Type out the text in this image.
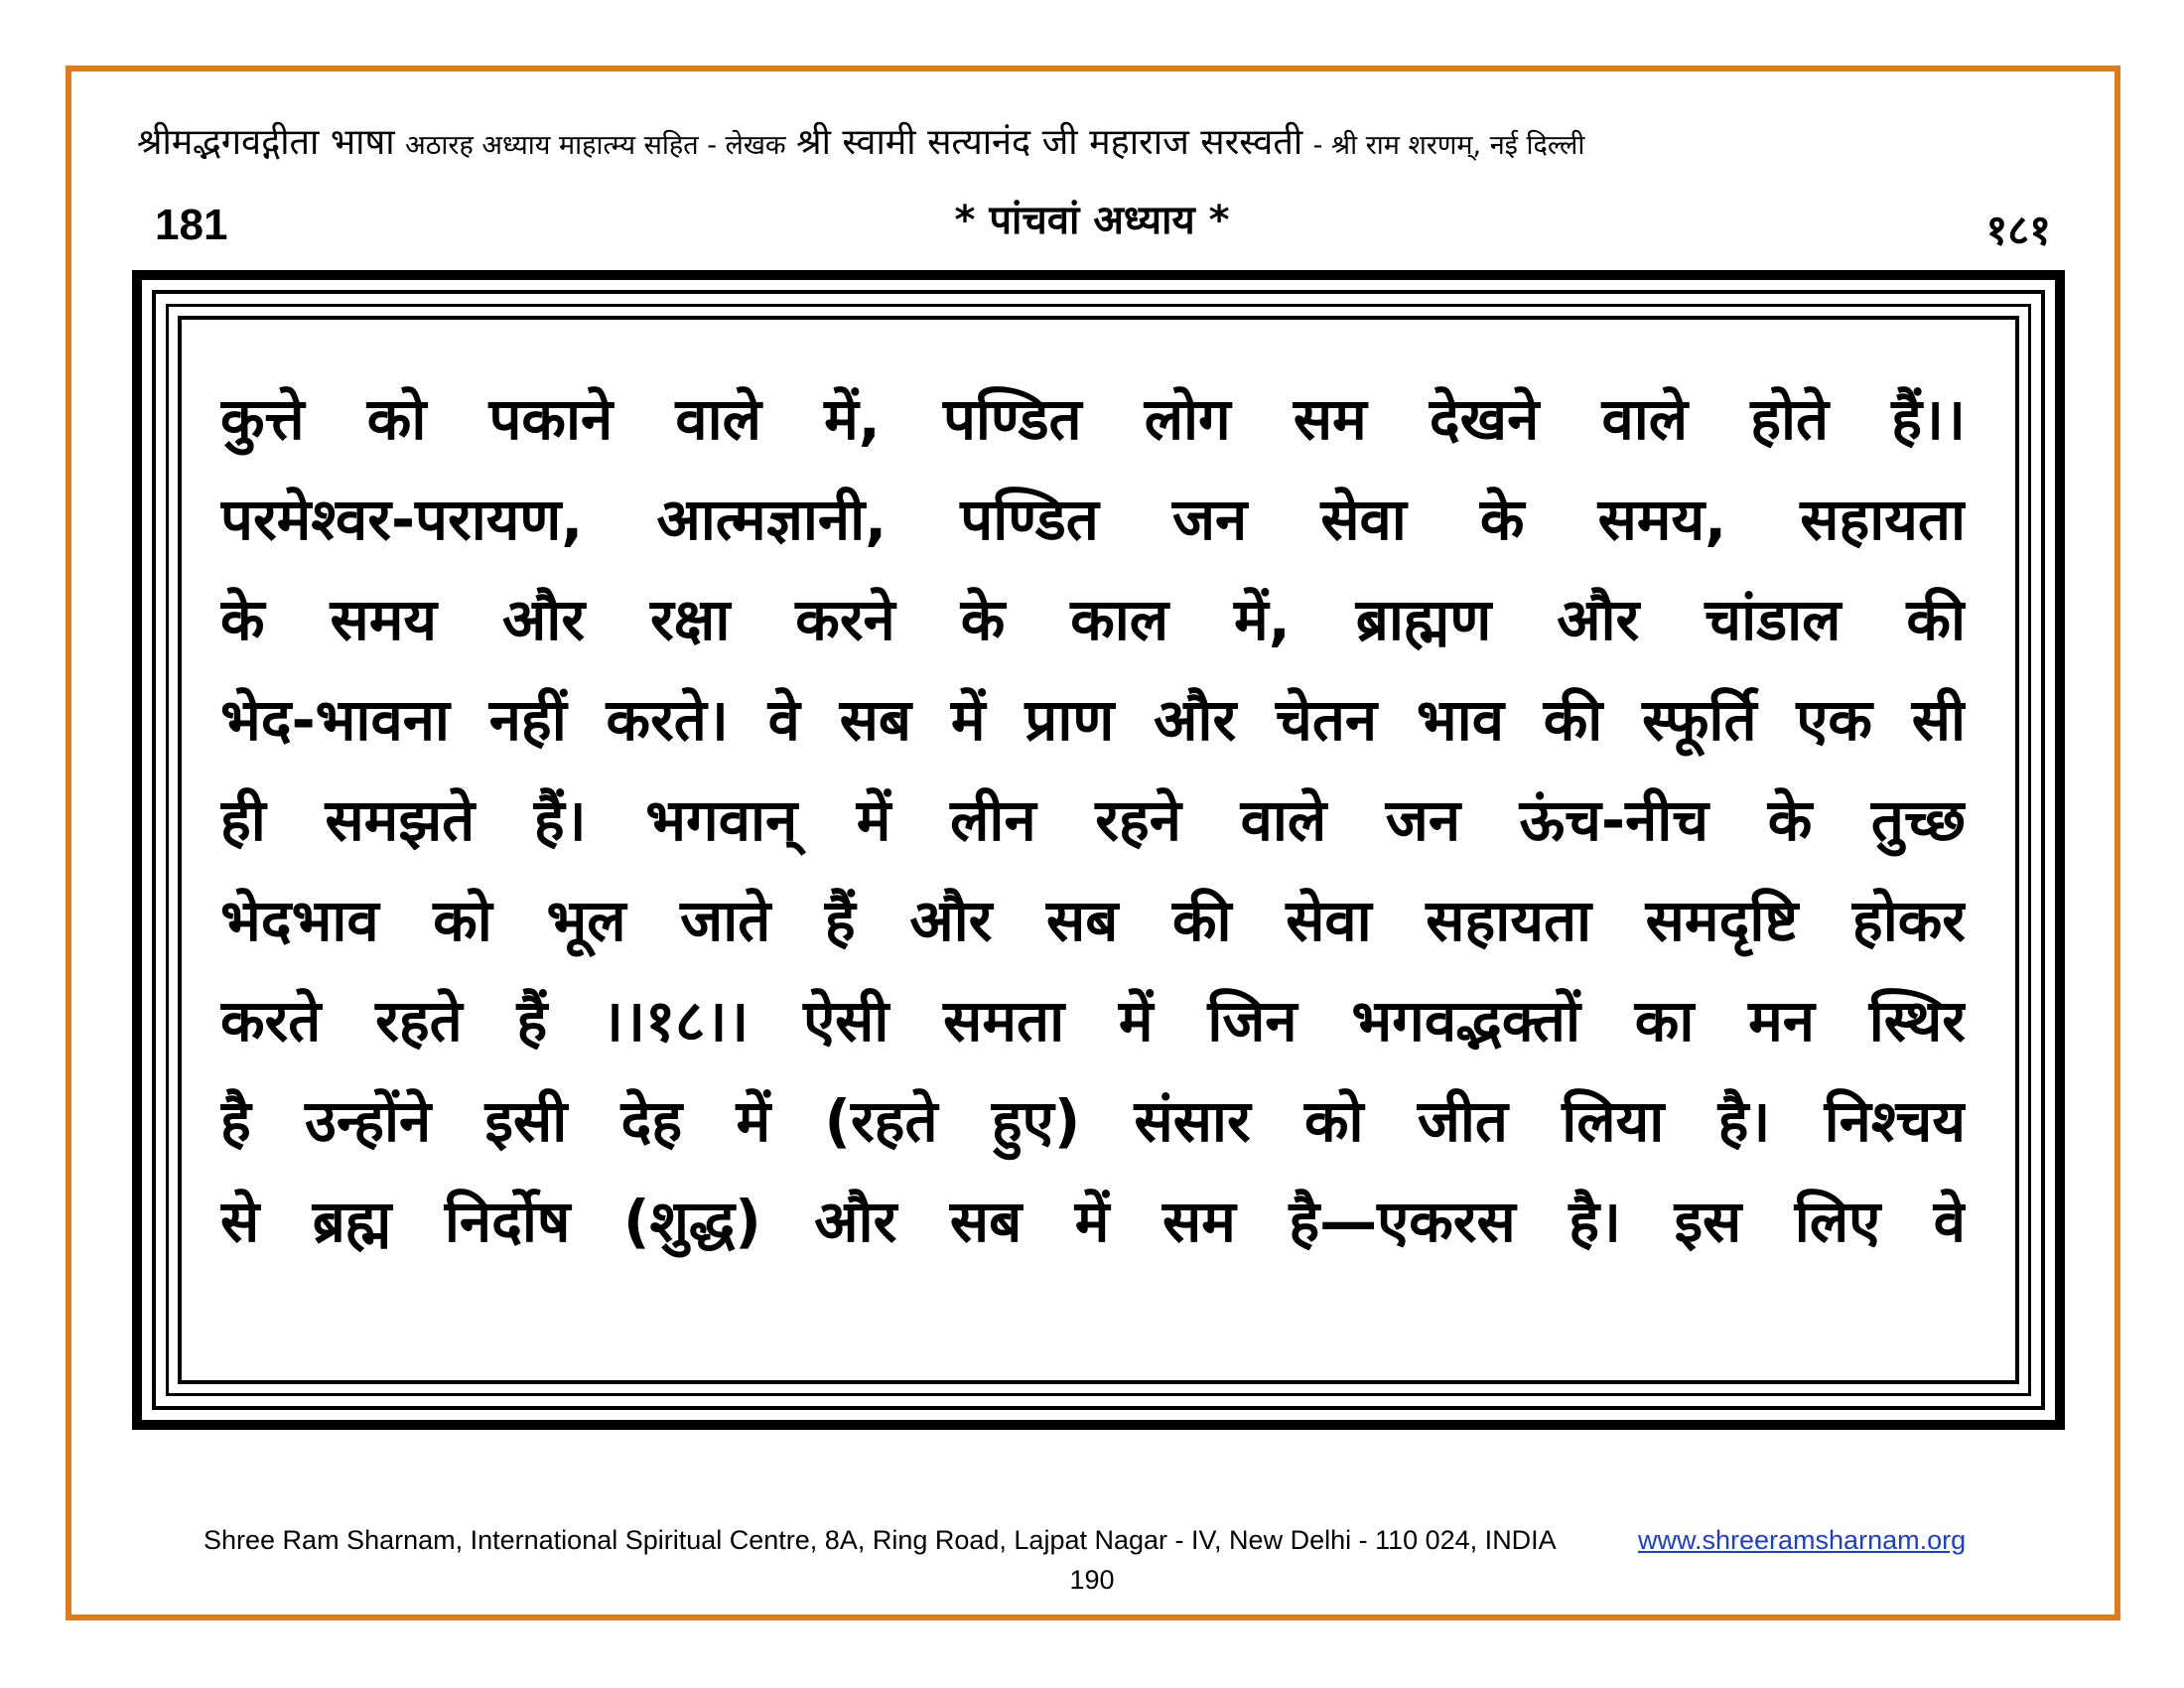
श्रीमद्भगवद्गीता भाषा अठारह अध्याय माहात्म्य सहित - लेखक श्री स्वामी सत्यानंद जी महाराज सरस्वती - श्री राम शरणम्, नई दिल्ली
181	* पांचवां अध्याय *	१८१
कुत्ते को पकाने वाले में, पण्डित लोग सम देखने वाले होते हैं।।
परमेश्वर-परायण, आत्मज्ञानी, पण्डित जन सेवा के समय, सहायता
के समय और रक्षा करने के काल में, ब्राह्मण और चांडाल की
भेद-भावना नहीं करते। वे सब में प्राण और चेतन भाव की स्फूर्ति एक सी
ही समझते हैं। भगवान् में लीन रहने वाले जन ऊंच-नीच के तुच्छ
भेदभाव को भूल जाते हैं और सब की सेवा सहायता समदृष्टि होकर
करते रहते हैं ।।१८।। ऐसी समता में जिन भगवद्भक्तों का मन स्थिर
है उन्होंने इसी देह में (रहते हुए) संसार को जीत लिया है। निश्चय
से ब्रह्म निर्दोष (शुद्ध) और सब में सम है—एकरस है। इस लिए वे
Shree Ram Sharnam, International Spiritual Centre, 8A, Ring Road, Lajpat Nagar - IV, New Delhi - 110 024, INDIA	www.shreeramsharnam.org
190
